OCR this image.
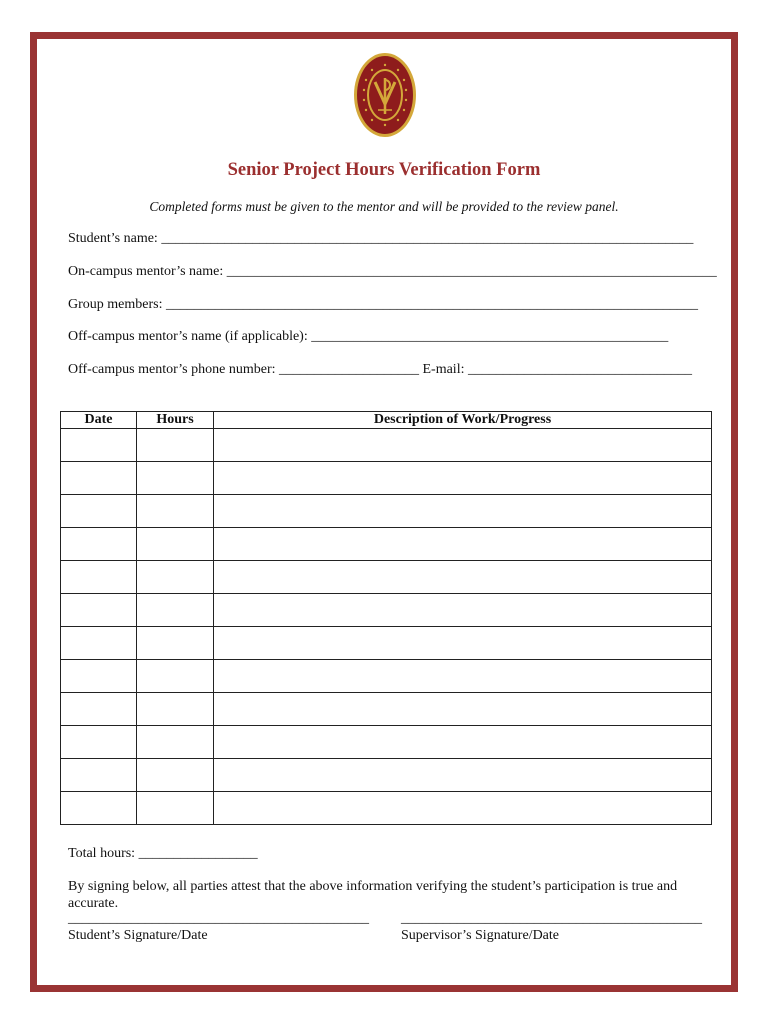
Senior Project Hours Verification Form
Completed forms must be given to the mentor and will be provided to the review panel.
Student’s name: ____________________________________________________________________________
On-campus mentor’s name: ______________________________________________________________________
Group members: ____________________________________________________________________________
Off-campus mentor’s name (if applicable): ___________________________________________________
Off-campus mentor’s phone number: ____________________ E-mail: ________________________________
Date	Hours	Description of Work/Progress

Total hours: _________________
By signing below, all parties attest that the above information verifying the student’s participation is true and accurate.
___________________________________________ ___________________________________________
Student’s Signature/Date	Supervisor’s Signature/Date
